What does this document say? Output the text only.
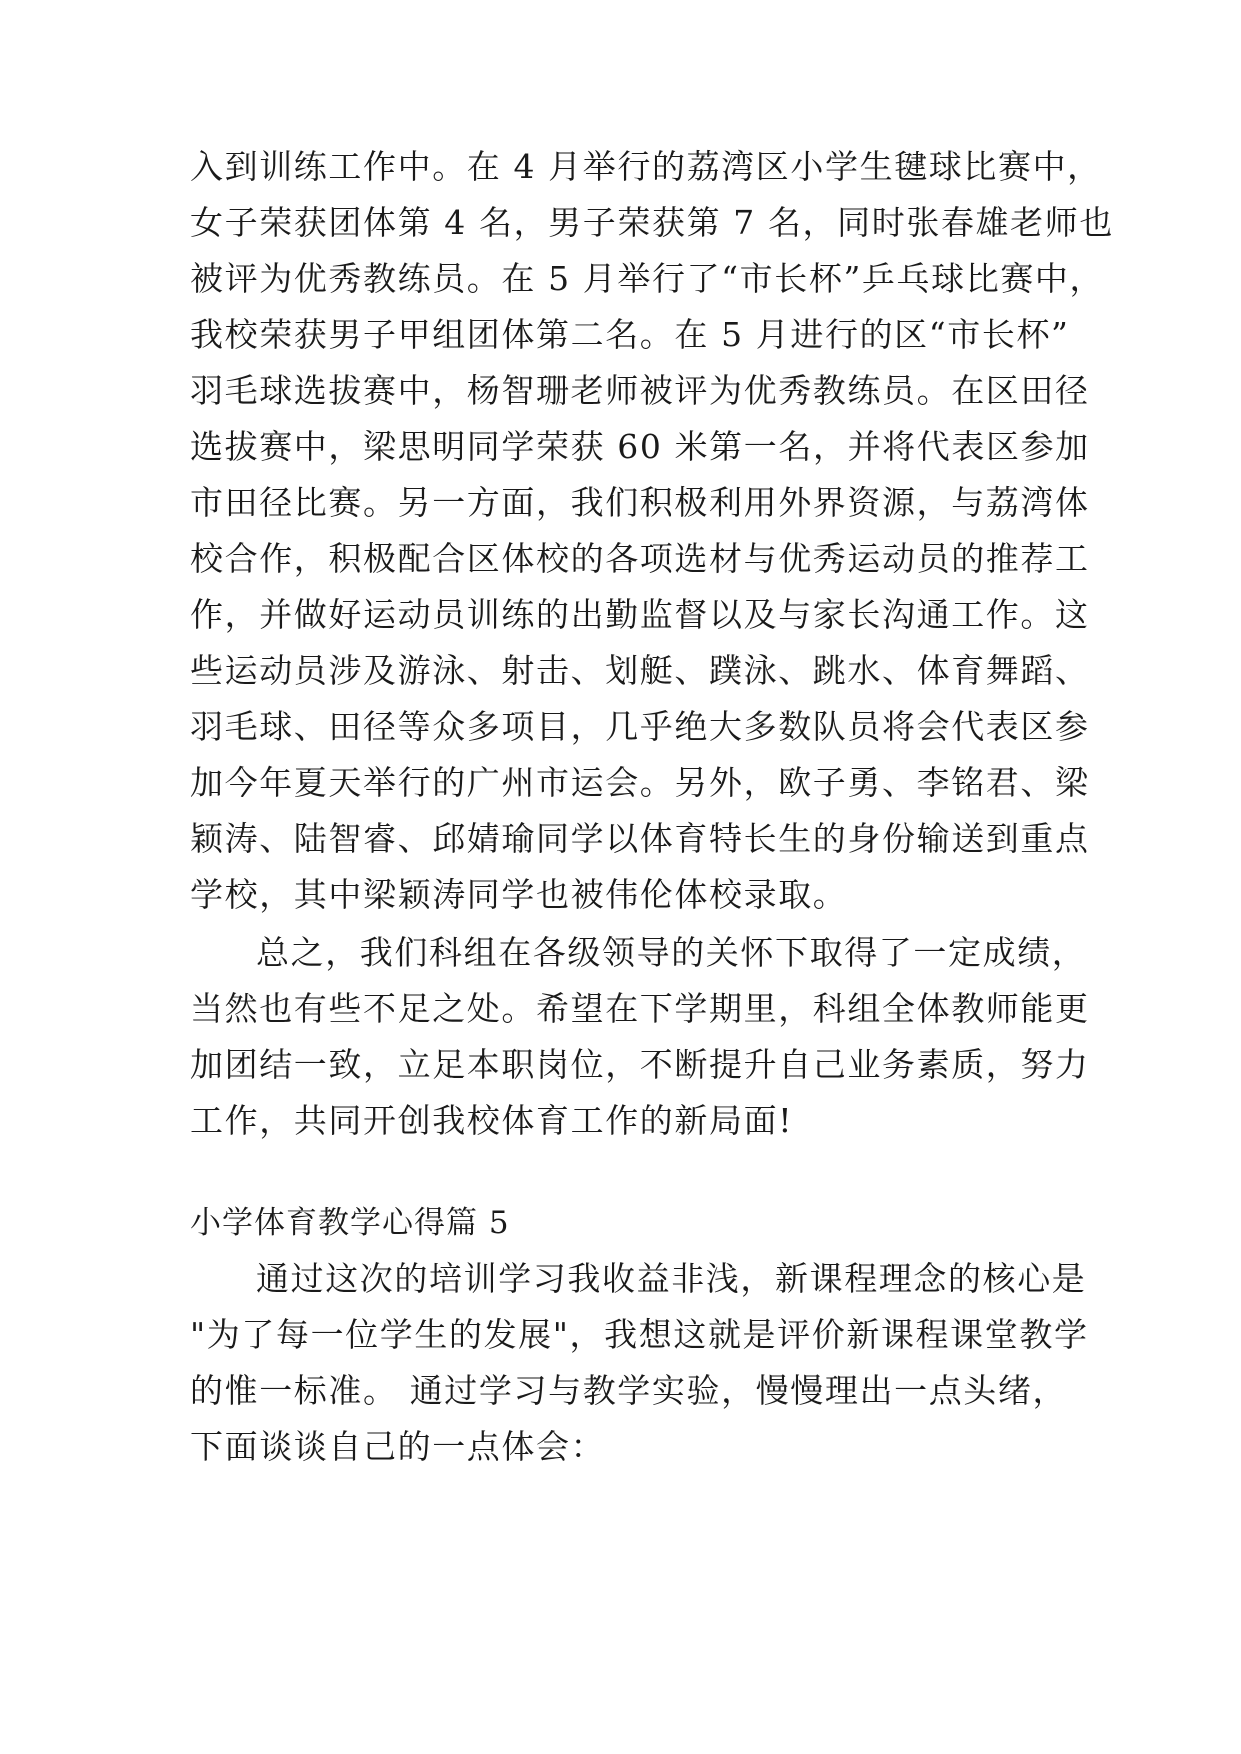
入到训练工作中。在 4 月举行的荔湾区小学生毽球比赛中，
女子荣获团体第 4 名，男子荣获第 7 名，同时张春雄老师也
被评为优秀教练员。在 5 月举行了“市长杯”乒乓球比赛中，
我校荣获男子甲组团体第二名。在 5 月进行的区“市长杯”
羽毛球选拔赛中，杨智珊老师被评为优秀教练员。在区田径
选拔赛中，梁思明同学荣获 60 米第一名，并将代表区参加
市田径比赛。另一方面，我们积极利用外界资源，与荔湾体
校合作，积极配合区体校的各项选材与优秀运动员的推荐工
作，并做好运动员训练的出勤监督以及与家长沟通工作。这
些运动员涉及游泳、射击、划艇、蹼泳、跳水、体育舞蹈、
羽毛球、田径等众多项目，几乎绝大多数队员将会代表区参
加今年夏天举行的广州市运会。另外，欧子勇、李铭君、梁
颖涛、陆智睿、邱婧瑜同学以体育特长生的身份输送到重点
学校，其中梁颖涛同学也被伟伦体校录取。
总之，我们科组在各级领导的关怀下取得了一定成绩，
当然也有些不足之处。希望在下学期里，科组全体教师能更
加团结一致，立足本职岗位，不断提升自己业务素质，努力
工作，共同开创我校体育工作的新局面!
小学体育教学心得篇 5
通过这次的培训学习我收益非浅，新课程理念的核心是
"为了每一位学生的发展"，我想这就是评价新课程课堂教学
的惟一标准。 通过学习与教学实验，慢慢理出一点头绪，
下面谈谈自己的一点体会：
